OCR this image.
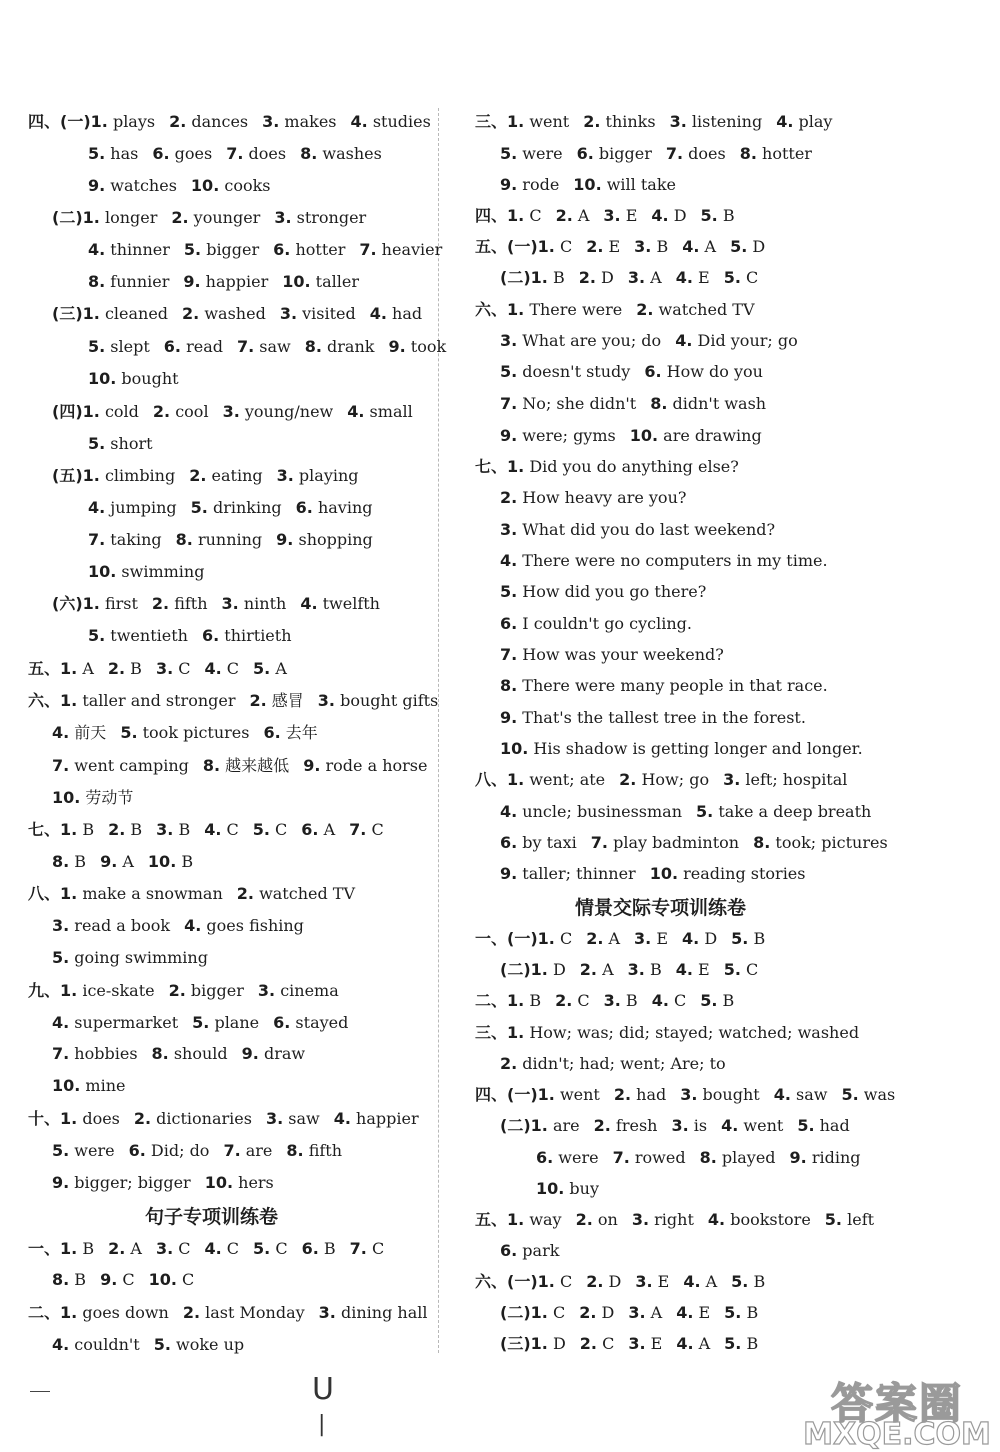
句子专项训练卷
情景交际专项训练卷
U
|	答案圈
MXQE.COM
四、(一)1. plays 2. dances 3. makes 4. studies
5. has 6. goes 7. does 8. washes
9. watches 10. cooks
(二)1. longer 2. younger 3. stronger
4. thinner 5. bigger 6. hotter 7. heavier
8. funnier 9. happier 10. taller
(三)1. cleaned 2. washed 3. visited 4. had
5. slept 6. read 7. saw 8. drank 9. took
10. bought
(四)1. cold 2. cool 3. young/new 4. small
5. short
(五)1. climbing 2. eating 3. playing
4. jumping 5. drinking 6. having
7. taking 8. running 9. shopping
10. swimming
(六)1. first 2. fifth 3. ninth 4. twelfth
5. twentieth 6. thirtieth
五、1. A 2. B 3. C 4. C 5. A
六、1. taller and stronger 2. 感冒 3. bought gifts
4. 前天 5. took pictures 6. 去年
7. went camping 8. 越来越低 9. rode a horse
10. 劳动节
七、1. B 2. B 3. B 4. C 5. C 6. A 7. C
8. B 9. A 10. B
八、1. make a snowman 2. watched TV
3. read a book 4. goes fishing
5. going swimming
九、1. ice-skate 2. bigger 3. cinema
4. supermarket 5. plane 6. stayed
7. hobbies 8. should 9. draw
10. mine
十、1. does 2. dictionaries 3. saw 4. happier
5. were 6. Did; do 7. are 8. fifth
9. bigger; bigger 10. hers
一、1. B 2. A 3. C 4. C 5. C 6. B 7. C
8. B 9. C 10. C
二、1. goes down 2. last Monday 3. dining hall
4. couldn't 5. woke up
三、1. went 2. thinks 3. listening 4. play
5. were 6. bigger 7. does 8. hotter
9. rode 10. will take
四、1. C 2. A 3. E 4. D 5. B
五、(一)1. C 2. E 3. B 4. A 5. D
(二)1. B 2. D 3. A 4. E 5. C
六、1. There were 2. watched TV
3. What are you; do 4. Did your; go
5. doesn't study 6. How do you
7. No; she didn't 8. didn't wash
9. were; gyms 10. are drawing
七、1. Did you do anything else?
2. How heavy are you?
3. What did you do last weekend?
4. There were no computers in my time.
5. How did you go there?
6. I couldn't go cycling.
7. How was your weekend?
8. There were many people in that race.
9. That's the tallest tree in the forest.
10. His shadow is getting longer and longer.
八、1. went; ate 2. How; go 3. left; hospital
4. uncle; businessman 5. take a deep breath
6. by taxi 7. play badminton 8. took; pictures
9. taller; thinner 10. reading stories
一、(一)1. C 2. A 3. E 4. D 5. B
(二)1. D 2. A 3. B 4. E 5. C
二、1. B 2. C 3. B 4. C 5. B
三、1. How; was; did; stayed; watched; washed
2. didn't; had; went; Are; to
四、(一)1. went 2. had 3. bought 4. saw 5. was
(二)1. are 2. fresh 3. is 4. went 5. had
6. were 7. rowed 8. played 9. riding
10. buy
五、1. way 2. on 3. right 4. bookstore 5. left
6. park
六、(一)1. C 2. D 3. E 4. A 5. B
(二)1. C 2. D 3. A 4. E 5. B
(三)1. D 2. C 3. E 4. A 5. B
